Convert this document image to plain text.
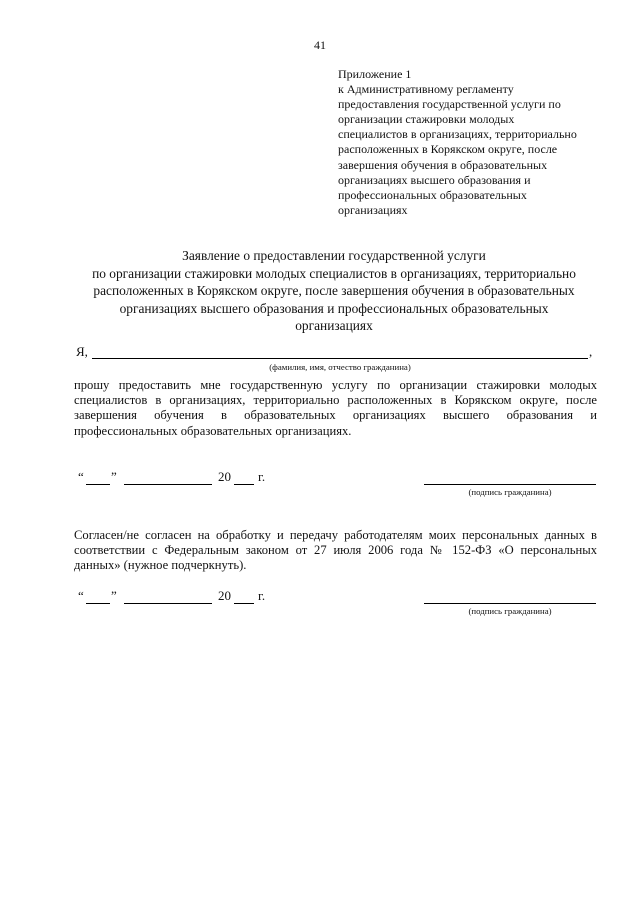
41
Приложение 1
к Административному регламенту
предоставления государственной услуги по
организации стажировки молодых
специалистов в организациях, территориально
расположенных в Корякском округе, после
завершения обучения в образовательных
организациях высшего образования и
профессиональных образовательных
организациях
Заявление о предоставлении государственной услуги
по организации стажировки молодых специалистов в организациях, территориально
расположенных в Корякском округе, после завершения обучения в образовательных
организациях высшего образования и профессиональных образовательных
организациях
Я,	,
(фамилия, имя, отчество гражданина)
прошу предоставить мне государственную услугу по организации стажировки молодых специалистов в организациях, территориально расположенных в Корякском округе, после завершения обучения в образовательных организациях высшего образования и профессиональных образовательных организациях.
“ ”	20 г.
(подпись гражданина)
Согласен/не согласен на обработку и передачу работодателям моих персональных данных в соответствии с Федеральным законом от 27 июля 2006 года № 152-ФЗ «О персональных данных» (нужное подчеркнуть).
“ ”	20 г.
(подпись гражданина)
